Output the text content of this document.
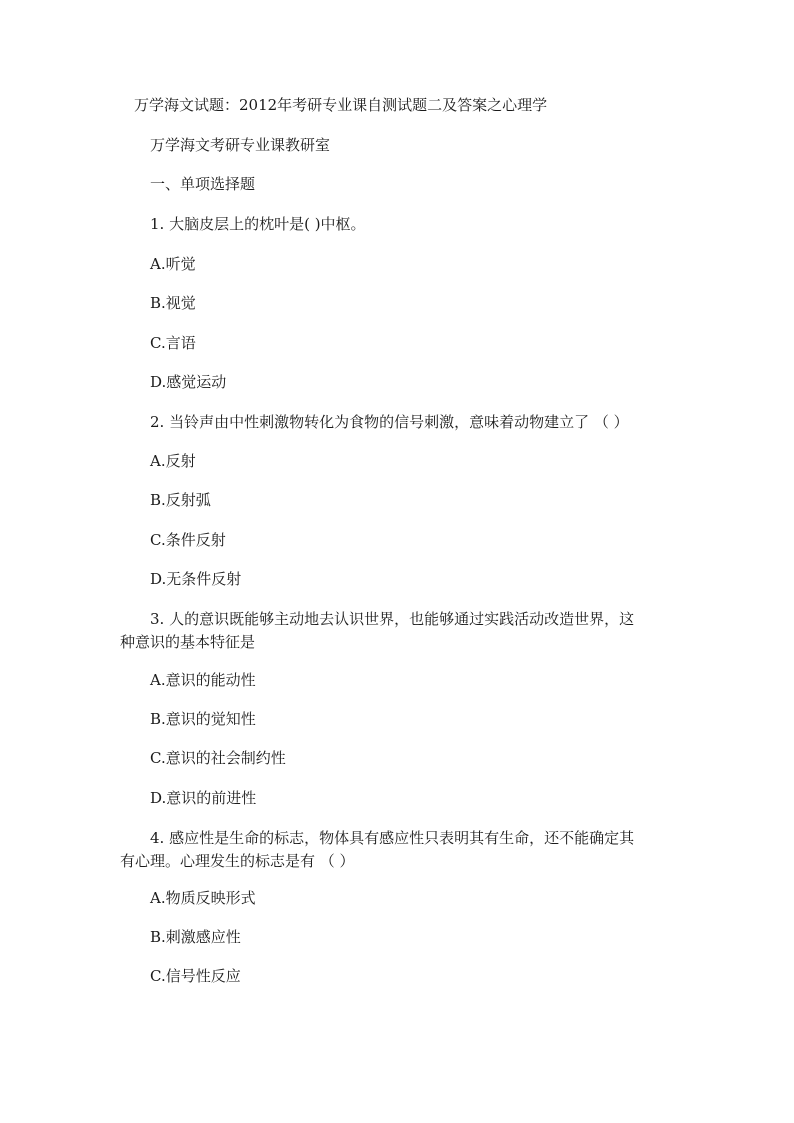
万学海文试题：2012年考研专业课自测试题二及答案之心理学
万学海文考研专业课教研室
一、单项选择题
1. 大脑皮层上的枕叶是( )中枢。
A.听觉
B.视觉
C.言语
D.感觉运动
2. 当铃声由中性刺激物转化为食物的信号刺激，意味着动物建立了 （ ）
A.反射
B.反射弧
C.条件反射
D.无条件反射
3. 人的意识既能够主动地去认识世界，也能够通过实践活动改造世界，这
种意识的基本特征是
A.意识的能动性
B.意识的觉知性
C.意识的社会制约性
D.意识的前进性
4. 感应性是生命的标志，物体具有感应性只表明其有生命，还不能确定其
有心理。心理发生的标志是有 （ ）
A.物质反映形式
B.刺激感应性
C.信号性反应
